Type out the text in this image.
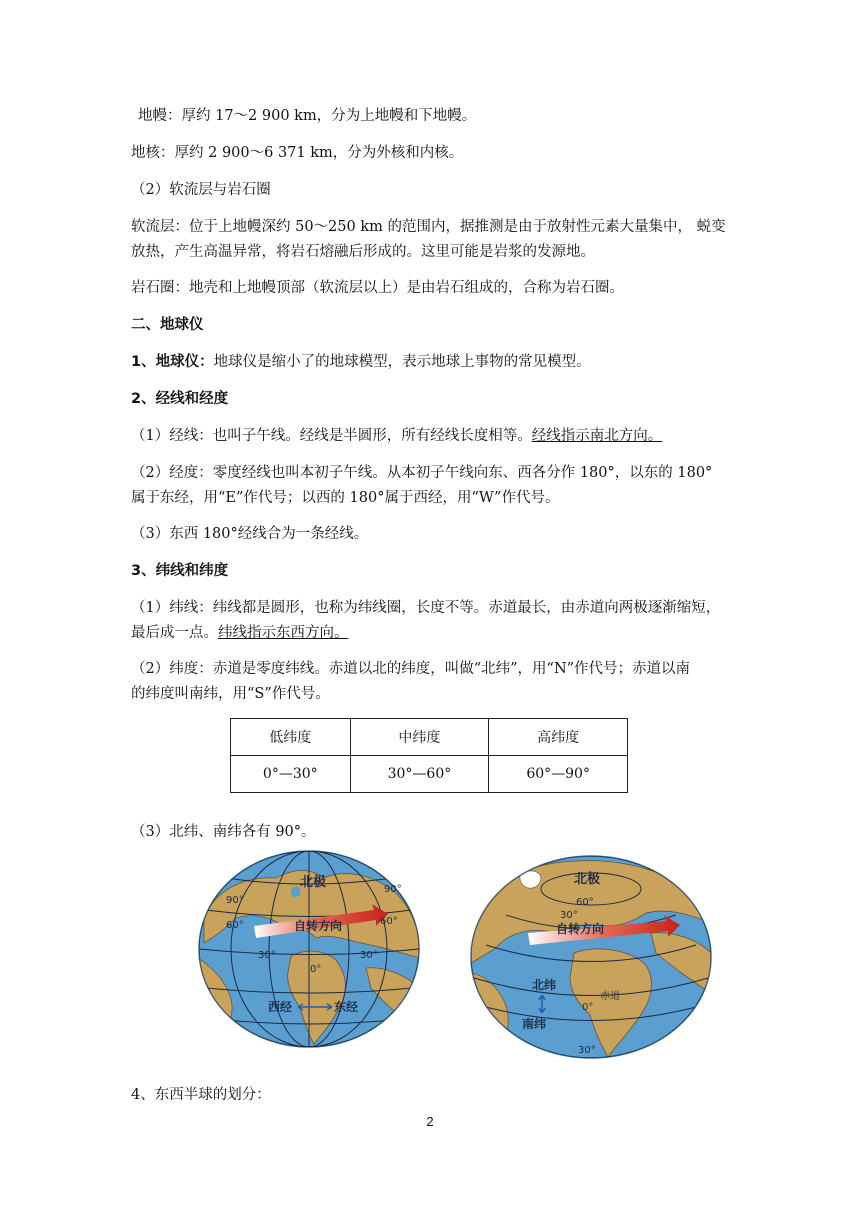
地幔：厚约 17～2 900 km，分为上地幔和下地幔。

地核：厚约 2 900～6 371 km，分为外核和内核。

（2）软流层与岩石圈

软流层：位于上地幔深约 50～250 km 的范围内，据推测是由于放射性元素大量集中， 蜕变

放热，产生高温异常，将岩石熔融后形成的。这里可能是岩浆的发源地。

岩石圈：地壳和上地幔顶部（软流层以上）是由岩石组成的，合称为岩石圈。

二、地球仪

1、地球仪：地球仪是缩小了的地球模型，表示地球上事物的常见模型。

2、经线和经度

（1）经线：也叫子午线。经线是半圆形，所有经线长度相等。经线指示南北方向。

（2）经度：零度经线也叫本初子午线。从本初子午线向东、西各分作 180°，以东的 180°

属于东经，用“E”作代号；以西的 180°属于西经，用“W”作代号。

（3）东西 180°经线合为一条经线。

3、纬线和纬度

（1）纬线：纬线都是圆形，也称为纬线圈，长度不等。赤道最长，由赤道向两极逐渐缩短，

最后成一点。纬线指示东西方向。

（2）纬度：赤道是零度纬线。赤道以北的纬度，叫做“北纬”，用“N”作代号；赤道以南

的纬度叫南纬，用“S”作代号。

低纬度	中纬度	高纬度
0°—30°	30°—60°	60°—90°

（3）北纬、南纬各有 90°。

北极
自转方向
90°
60°
30°
0°
30°
60°
90°
西经	东经
北极
自转方向
60°
30°
北纬
南纬
0°
赤道
30°

4、东西半球的划分：

2
